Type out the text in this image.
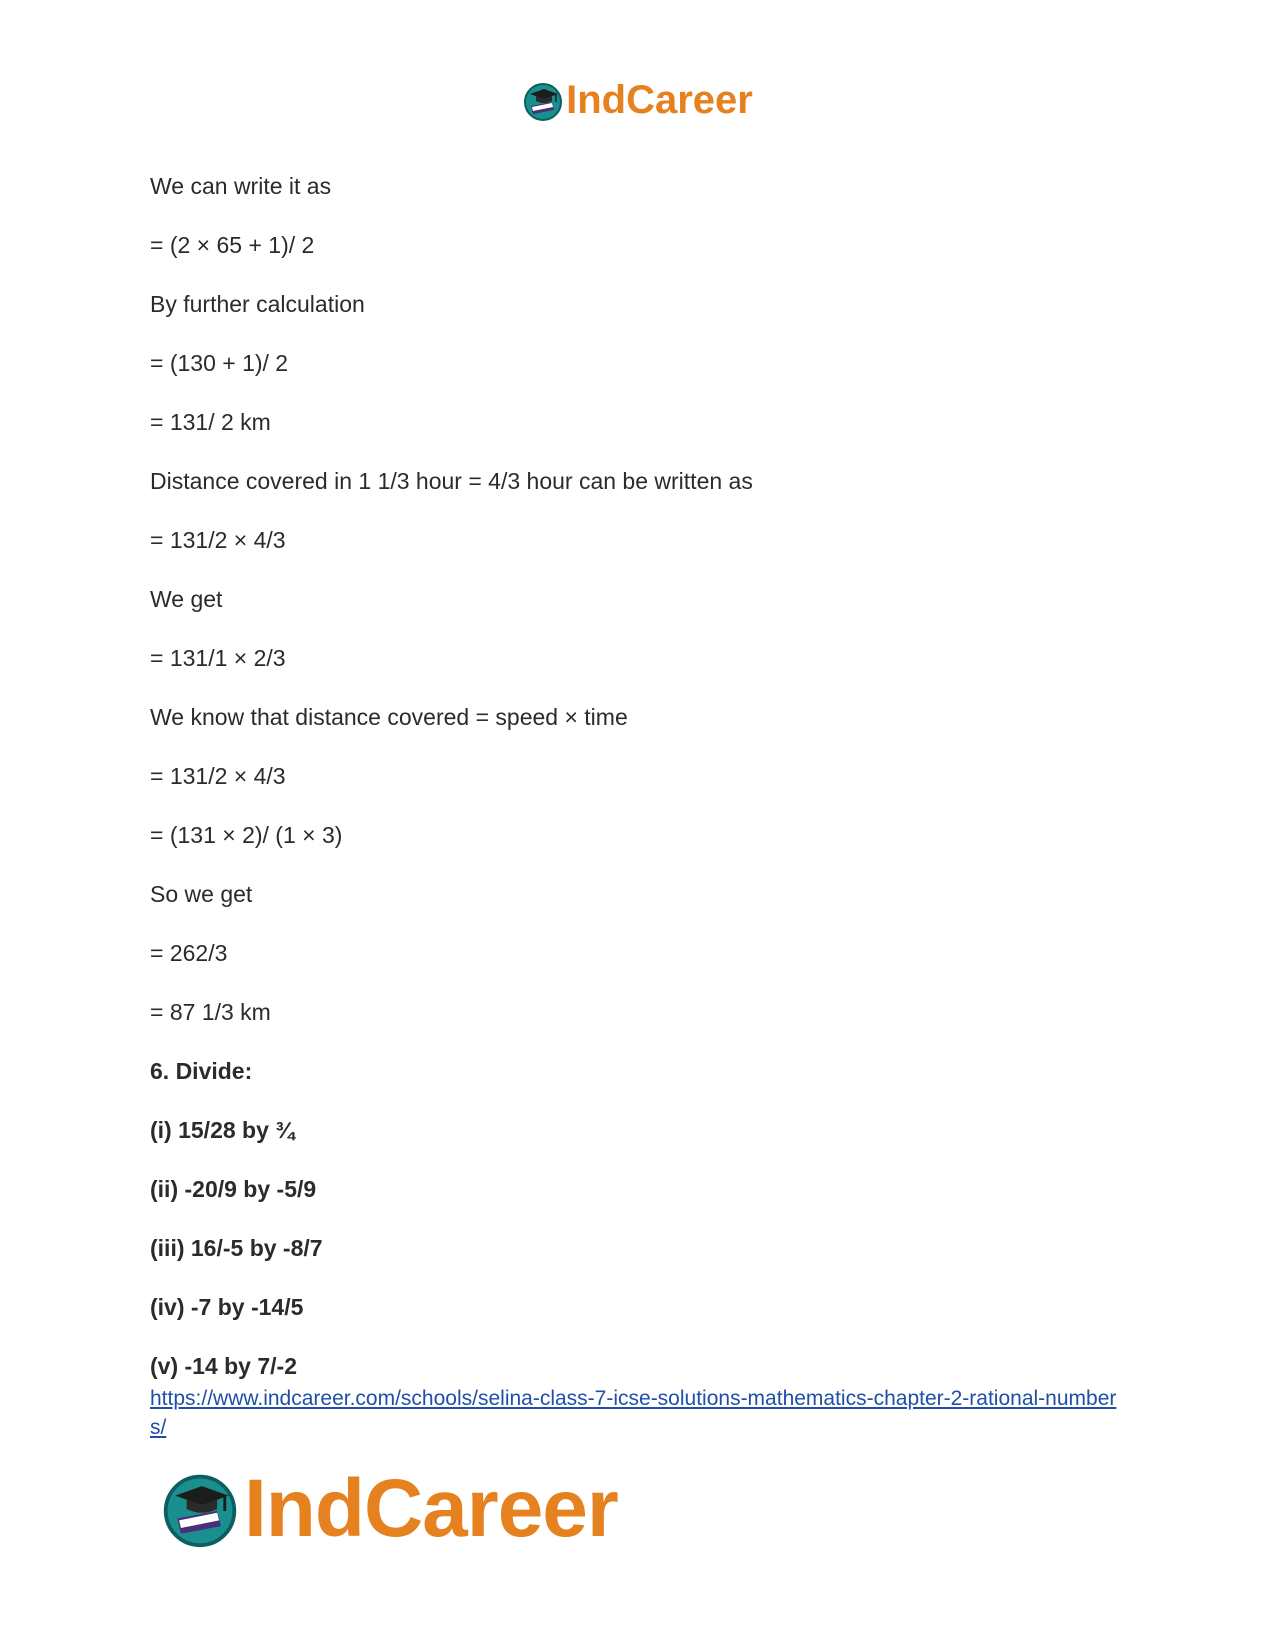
IndCareer
We can write it as
= (2 × 65 + 1)/ 2
By further calculation
= (130 + 1)/ 2
= 131/ 2 km
Distance covered in 1 1/3 hour = 4/3 hour can be written as
= 131/2 × 4/3
We get
= 131/1 × 2/3
We know that distance covered = speed × time
= 131/2 × 4/3
= (131 × 2)/ (1 × 3)
So we get
= 262/3
= 87 1/3 km
6. Divide:
(i) 15/28 by ¾
(ii) -20/9 by -5/9
(iii) 16/-5 by -8/7
(iv) -7 by -14/5
(v) -14 by 7/-2
https://www.indcareer.com/schools/selina-class-7-icse-solutions-mathematics-chapter-2-rational-numbers/
IndCareer
